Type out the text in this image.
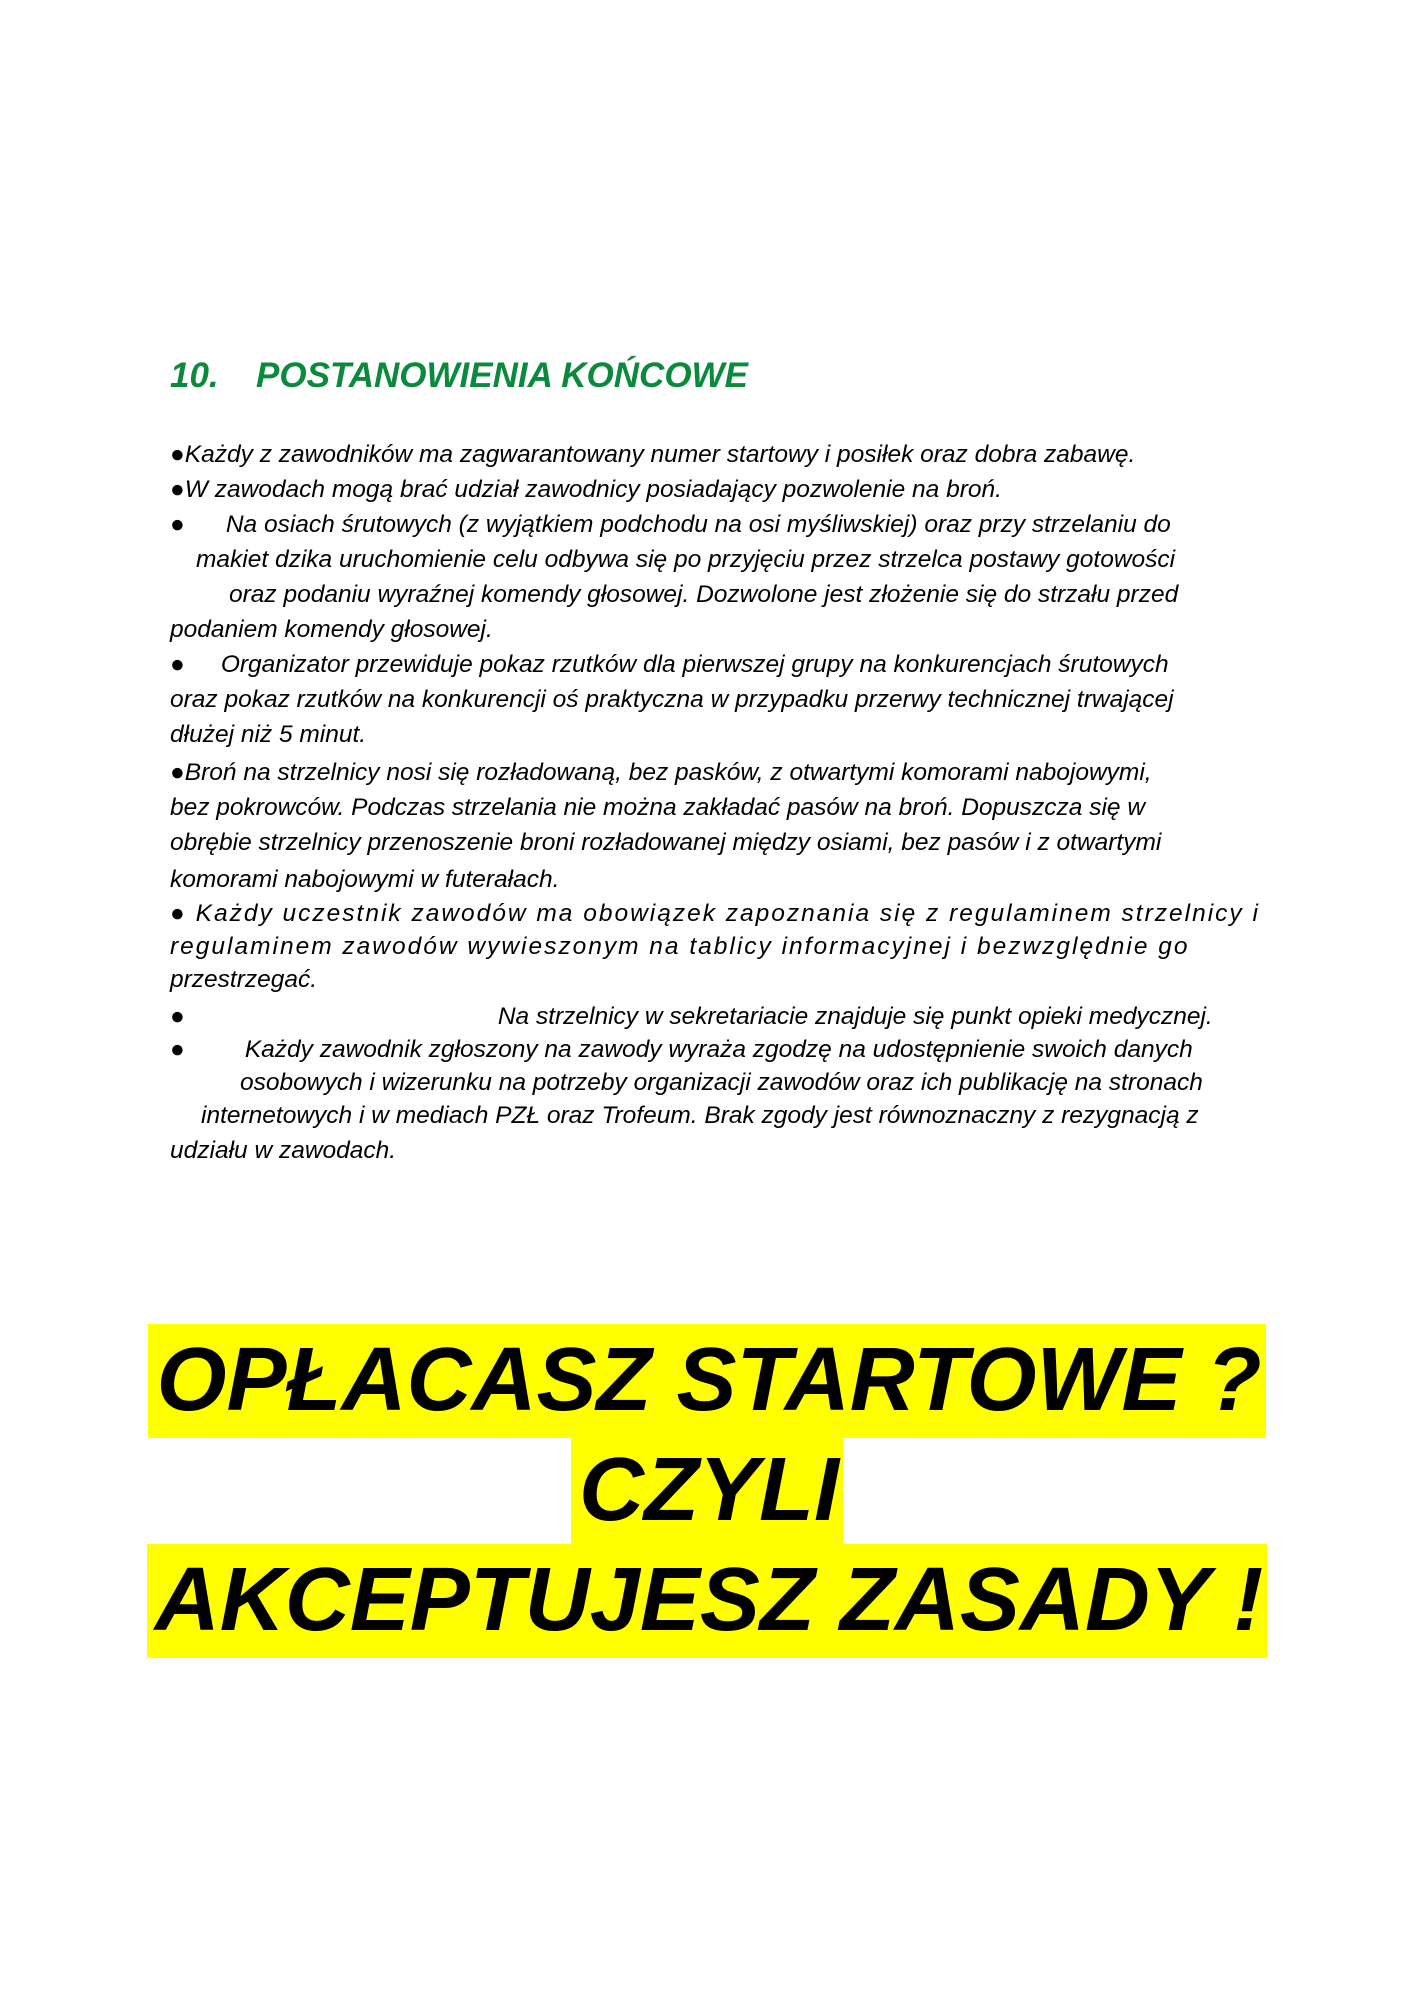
10. POSTANOWIENIA KOŃCOWE
●Każdy z zawodników ma zagwarantowany numer startowy i posiłek oraz dobra zabawę.
●W zawodach mogą brać udział zawodnicy posiadający pozwolenie na broń.
● Na osiach śrutowych (z wyjątkiem podchodu na osi myśliwskiej) oraz przy strzelaniu do
makiet dzika uruchomienie celu odbywa się po przyjęciu przez strzelca postawy gotowości
oraz podaniu wyraźnej komendy głosowej. Dozwolone jest złożenie się do strzału przed
podaniem komendy głosowej.
● Organizator przewiduje pokaz rzutków dla pierwszej grupy na konkurencjach śrutowych
oraz pokaz rzutków na konkurencji oś praktyczna w przypadku przerwy technicznej trwającej
dłużej niż 5 minut.
●Broń na strzelnicy nosi się rozładowaną, bez pasków, z otwartymi komorami nabojowymi,
bez pokrowców. Podczas strzelania nie można zakładać pasów na broń. Dopuszcza się w
obrębie strzelnicy przenoszenie broni rozładowanej między osiami, bez pasów i z otwartymi
komorami nabojowymi w futerałach.
● Każdy uczestnik zawodów ma obowiązek zapoznania się z regulaminem strzelnicy i
regulaminem zawodów wywieszonym na tablicy informacyjnej i bezwzględnie go
przestrzegać.
●	Na strzelnicy w sekretariacie znajduje się punkt opieki medycznej.
● Każdy zawodnik zgłoszony na zawody wyraża zgodzę na udostępnienie swoich danych
osobowych i wizerunku na potrzeby organizacji zawodów oraz ich publikację na stronach
internetowych i w mediach PZŁ oraz Trofeum. Brak zgody jest równoznaczny z rezygnacją z
udziału w zawodach.
OPŁACASZ STARTOWE ?
CZYLI
AKCEPTUJESZ ZASADY !
